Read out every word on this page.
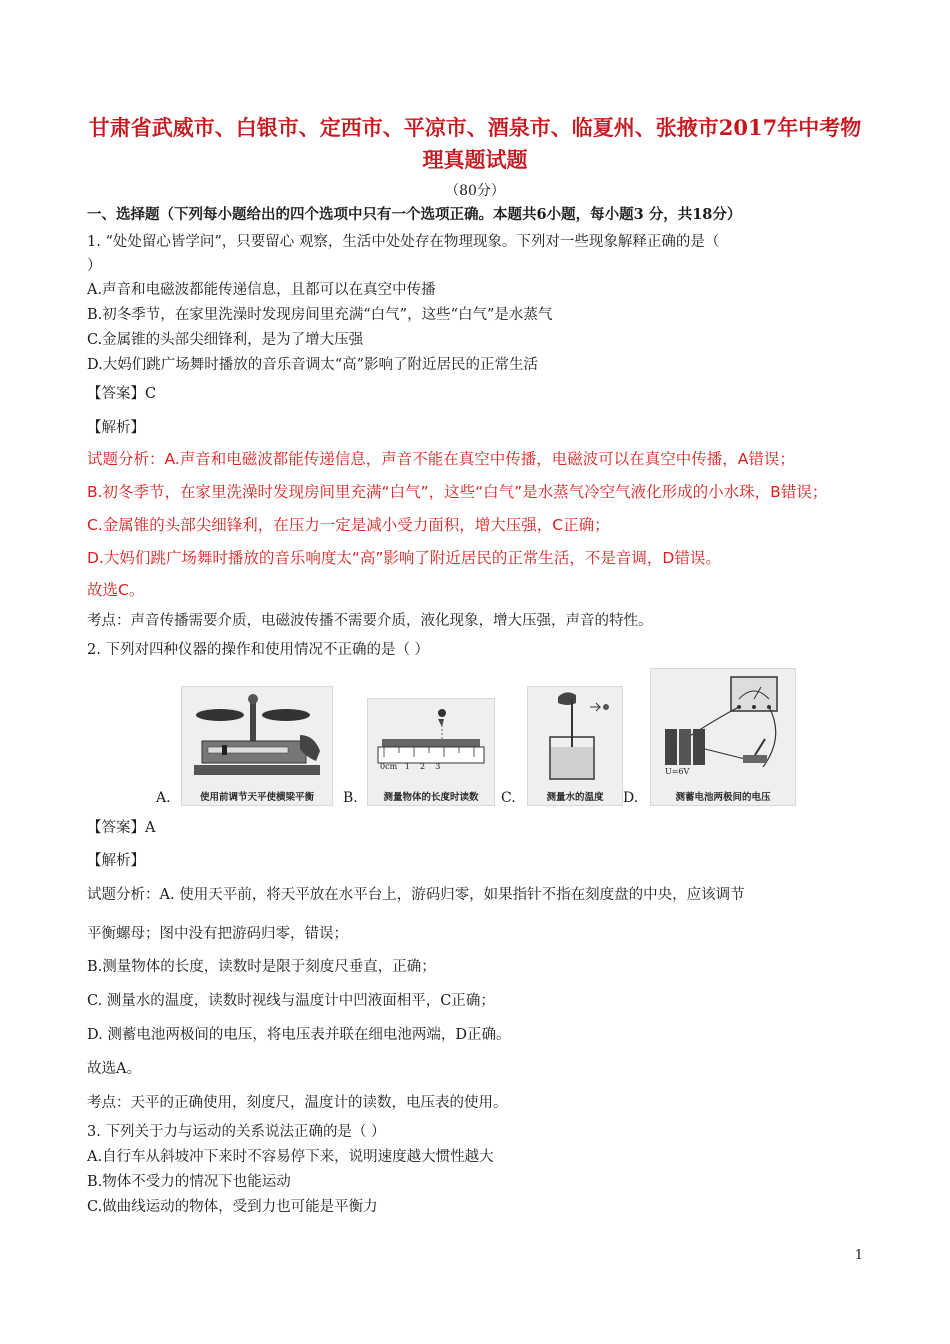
甘肃省武威市、白银市、定西市、平凉市、酒泉市、临夏州、张掖市2017年中考物
理真题试题
（80分）
一、选择题（下列每小题给出的四个选项中只有一个选项正确。本题共6小题，每小题3 分，共18分）
1. “处处留心皆学问”，只要留心 观察，生活中处处存在物理现象。下列对一些现象解释正确的是（
）
A.声音和电磁波都能传递信息，且都可以在真空中传播
B.初冬季节，在家里洗澡时发现房间里充满“白气”，这些“白气”是水蒸气
C.金属锥的头部尖细锋利，是为了增大压强
D.大妈们跳广场舞时播放的音乐音调太“高”影响了附近居民的正常生活
【答案】C
【解析】
试题分析：A.声音和电磁波都能传递信息，声音不能在真空中传播，电磁波可以在真空中传播，A错误；
B.初冬季节，在家里洗澡时发现房间里充满“白气”，这些“白气”是水蒸气冷空气液化形成的小水珠，B错误；
C.金属锥的头部尖细锋利，在压力一定是减小受力面积，增大压强，C正确；
D.大妈们跳广场舞时播放的音乐响度太“高”影响了附近居民的正常生活，不是音调，D错误。
故选C。
考点：声音传播需要介质，电磁波传播不需要介质，液化现象，增大压强，声音的特性。
2. 下列对四种仪器的操作和使用情况不正确的是（ ）
使用前调节天平使横梁平衡
A.
0cm   1    2    3
测量物体的长度时读数
B.	测量水的温度
C.
U=6V
测蓄电池两极间的电压
D.
【答案】A
【解析】
试题分析：A. 使用天平前，将天平放在水平台上，游码归零，如果指针不指在刻度盘的中央，应该调节
平衡螺母；图中没有把游码归零，错误；
B.测量物体的长度，读数时是限于刻度尺垂直，正确；
C. 测量水的温度，读数时视线与温度计中凹液面相平，C正确；
D. 测蓄电池两极间的电压，将电压表并联在细电池两端，D正确。
故选A。
考点：天平的正确使用，刻度尺，温度计的读数，电压表的使用。
3. 下列关于力与运动的关系说法正确的是（ ）
A.自行车从斜坡冲下来时不容易停下来，说明速度越大惯性越大
B.物体不受力的情况下也能运动
C.做曲线运动的物体，受到力也可能是平衡力
1
